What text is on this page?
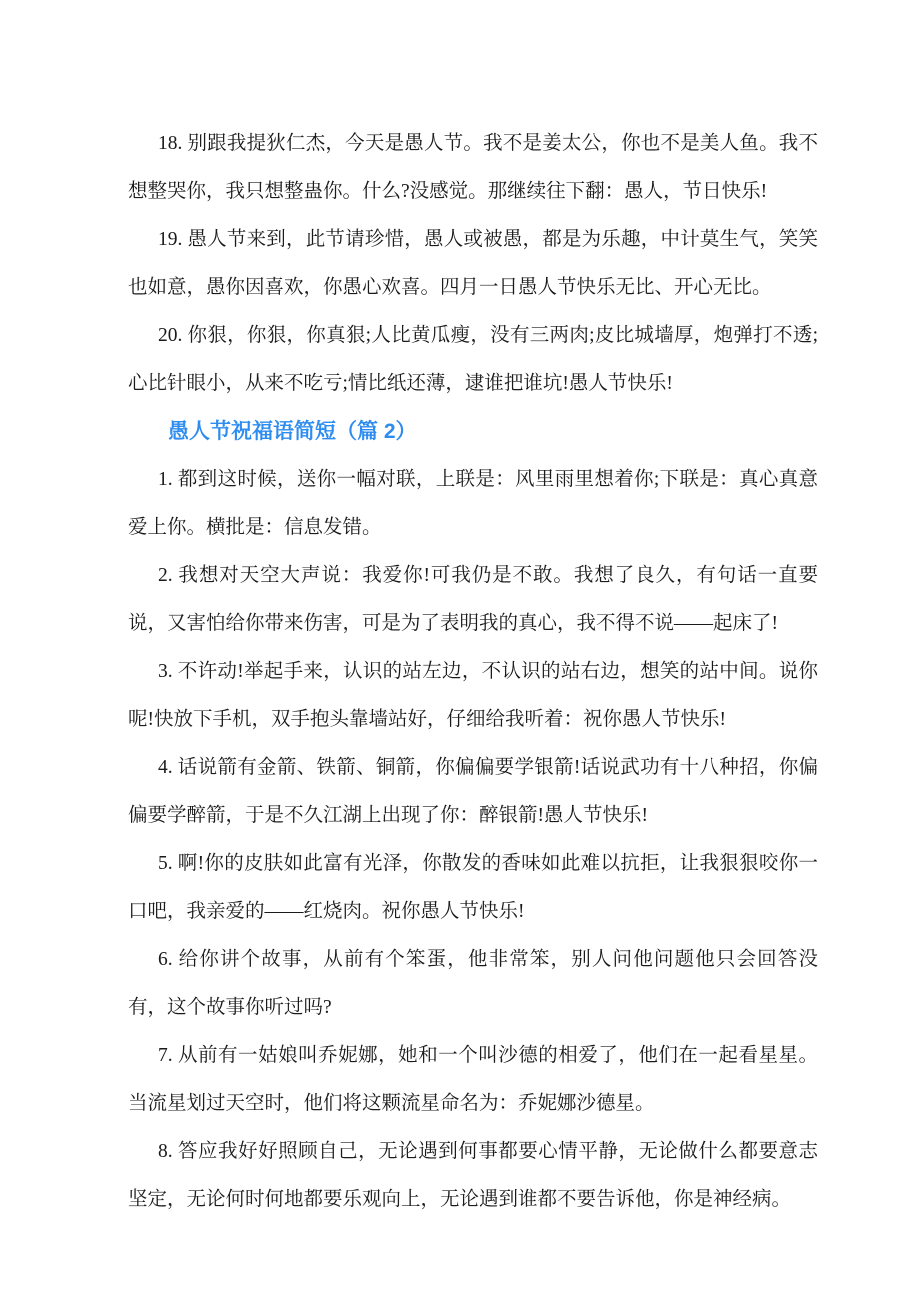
18. 别跟我提狄仁杰，今天是愚人节。我不是姜太公，你也不是美人鱼。我不想整哭你，我只想整蛊你。什么?没感觉。那继续往下翻：愚人，节日快乐!

19. 愚人节来到，此节请珍惜，愚人或被愚，都是为乐趣，中计莫生气，笑笑也如意，愚你因喜欢，你愚心欢喜。四月一日愚人节快乐无比、开心无比。

20. 你狠，你狠，你真狠;人比黄瓜瘦，没有三两肉;皮比城墙厚，炮弹打不透;心比针眼小，从来不吃亏;情比纸还薄，逮谁把谁坑!愚人节快乐!

愚人节祝福语简短（篇 2）

1. 都到这时候，送你一幅对联，上联是：风里雨里想着你;下联是：真心真意爱上你。横批是：信息发错。

2. 我想对天空大声说：我爱你!可我仍是不敢。我想了良久，有句话一直要说，又害怕给你带来伤害，可是为了表明我的真心，我不得不说——起床了!

3. 不许动!举起手来，认识的站左边，不认识的站右边，想笑的站中间。说你呢!快放下手机，双手抱头靠墙站好，仔细给我听着：祝你愚人节快乐!

4. 话说箭有金箭、铁箭、铜箭，你偏偏要学银箭!话说武功有十八种招，你偏偏要学醉箭，于是不久江湖上出现了你：醉银箭!愚人节快乐!

5. 啊!你的皮肤如此富有光泽，你散发的香味如此难以抗拒，让我狠狠咬你一口吧，我亲爱的——红烧肉。祝你愚人节快乐!

6. 给你讲个故事，从前有个笨蛋，他非常笨，别人问他问题他只会回答没有，这个故事你听过吗?

7. 从前有一姑娘叫乔妮娜，她和一个叫沙德的相爱了，他们在一起看星星。当流星划过天空时，他们将这颗流星命名为：乔妮娜沙德星。

8. 答应我好好照顾自己，无论遇到何事都要心情平静，无论做什么都要意志坚定，无论何时何地都要乐观向上，无论遇到谁都不要告诉他，你是神经病。
